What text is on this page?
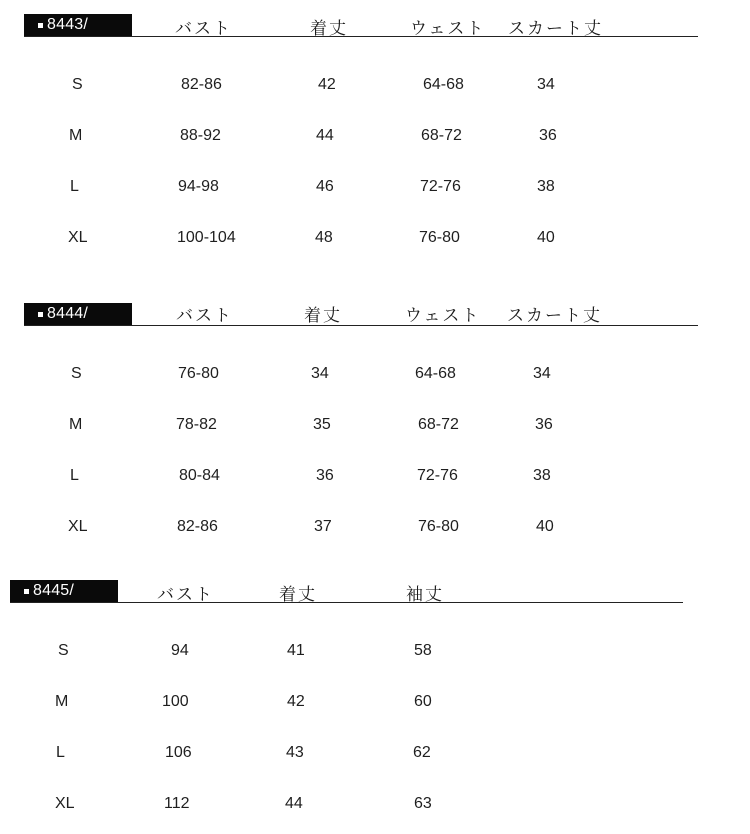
8443/	バスト	着丈	ウェスト スカート丈
S	82-86	42	64-68	34
M	88-92	44	68-72	36
L	94-98	46	72-76	38
XL	100-104	48	76-80	40
8444/	バスト	着丈	ウェスト スカート丈
S	76-80	34	64-68	34
M	78-82	35	68-72	36
L	80-84	36	72-76	38
XL	82-86	37	76-80	40
8445/	バスト	着丈	袖丈
S	94	41	58
M	100	42	60
L	106	43	62
XL	112	44	63
